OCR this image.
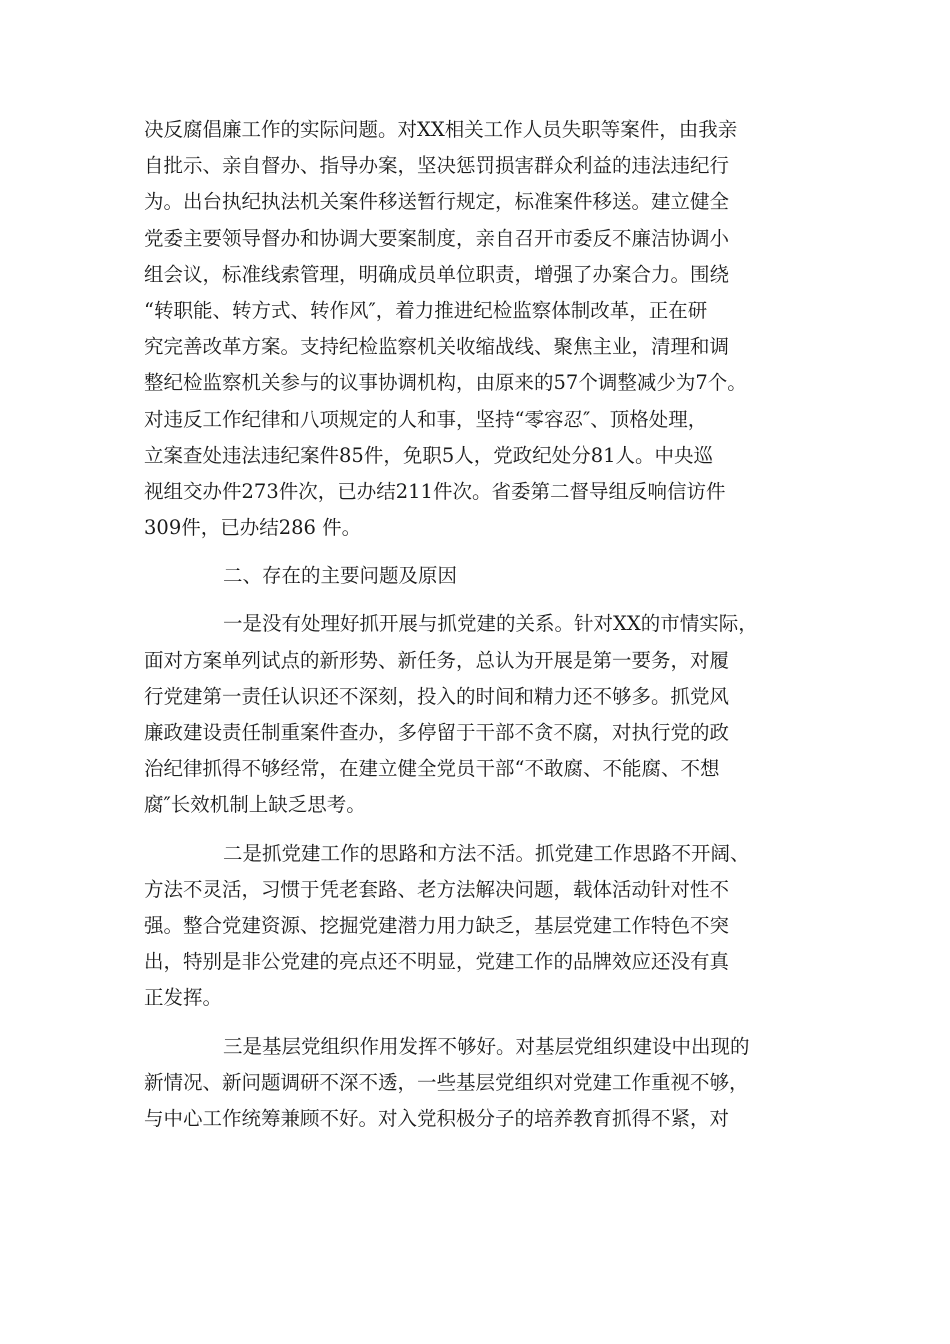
决反腐倡廉工作的实际问题。对XX相关工作人员失职等案件，由我亲
自批示、亲自督办、指导办案，坚决惩罚损害群众利益的违法违纪行
为。出台执纪执法机关案件移送暂行规定，标准案件移送。建立健全
党委主要领导督办和协调大要案制度，亲自召开市委反不廉洁协调小
组会议，标准线索管理，明确成员单位职责，增强了办案合力。围绕
“转职能、转方式、转作风″，着力推进纪检监察体制改革，正在研
究完善改革方案。支持纪检监察机关收缩战线、聚焦主业，清理和调
整纪检监察机关参与的议事协调机构，由原来的57个调整减少为7个。
对违反工作纪律和八项规定的人和事，坚持“零容忍″、顶格处理，
立案查处违法违纪案件85件，免职5人，党政纪处分81人。中央巡
视组交办件273件次，已办结211件次。省委第二督导组反响信访件
309件，已办结286 件。
二、存在的主要问题及原因
一是没有处理好抓开展与抓党建的关系。针对XX的市情实际，
面对方案单列试点的新形势、新任务，总认为开展是第一要务，对履
行党建第一责任认识还不深刻，投入的时间和精力还不够多。抓党风
廉政建设责任制重案件查办，多停留于干部不贪不腐，对执行党的政
治纪律抓得不够经常，在建立健全党员干部“不敢腐、不能腐、不想
腐″长效机制上缺乏思考。
二是抓党建工作的思路和方法不活。抓党建工作思路不开阔、
方法不灵活，习惯于凭老套路、老方法解决问题，载体活动针对性不
强。整合党建资源、挖掘党建潜力用力缺乏，基层党建工作特色不突
出，特别是非公党建的亮点还不明显，党建工作的品牌效应还没有真
正发挥。
三是基层党组织作用发挥不够好。对基层党组织建设中出现的
新情况、新问题调研不深不透，一些基层党组织对党建工作重视不够，
与中心工作统筹兼顾不好。对入党积极分子的培养教育抓得不紧，对
